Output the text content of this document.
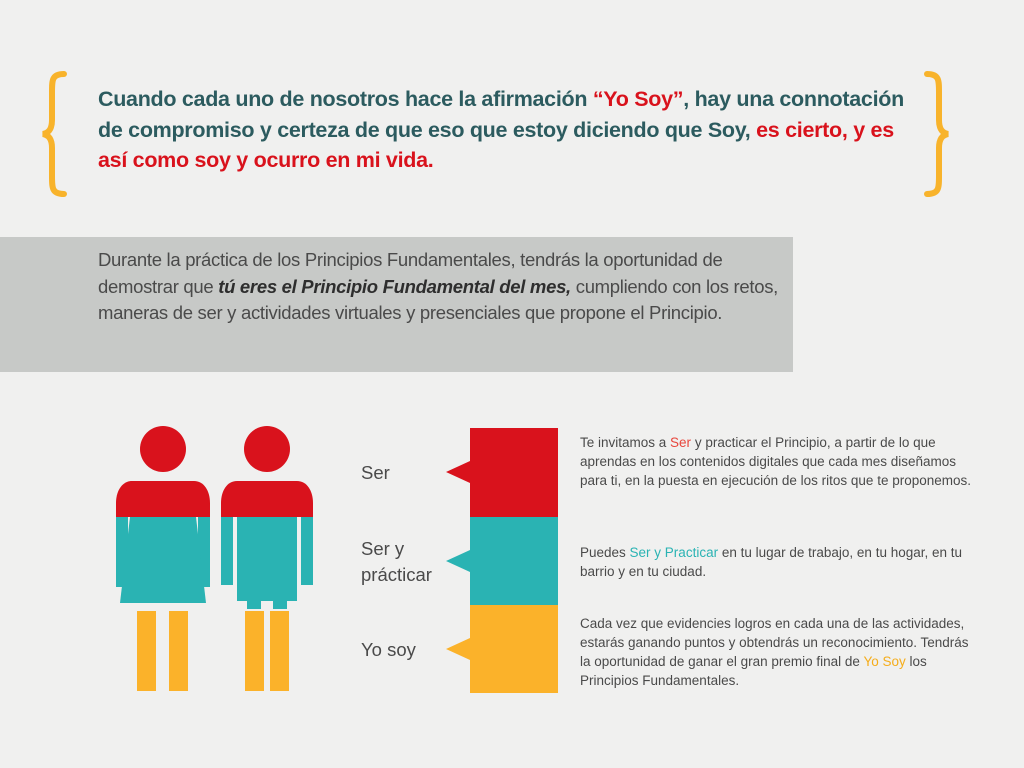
Cuando cada uno de nosotros hace la afirmación “Yo Soy”, hay una connotación de compromiso y certeza de que eso que estoy diciendo que Soy, es cierto, y es así como soy y ocurro en mi vida.
Durante la práctica de los Principios Fundamentales, tendrás la oportunidad de demostrar que tú eres el Principio Fundamental del mes, cumpliendo con los retos, maneras de ser y actividades virtuales y presenciales que propone el Principio.
Ser
Ser y
prácticar
Yo soy
Te invitamos a Ser y practicar el Principio, a partir de lo que aprendas en los contenidos digitales que cada mes diseñamos para ti, en la puesta en ejecución de los ritos que te proponemos.
Puedes Ser y Practicar en tu lugar de trabajo, en tu hogar, en tu barrio y en tu ciudad.
Cada vez que evidencies logros en cada una de las actividades, estarás ganando puntos y obtendrás un reconocimiento. Tendrás la oportunidad de ganar el gran premio final de Yo Soy los Principios Fundamentales.
